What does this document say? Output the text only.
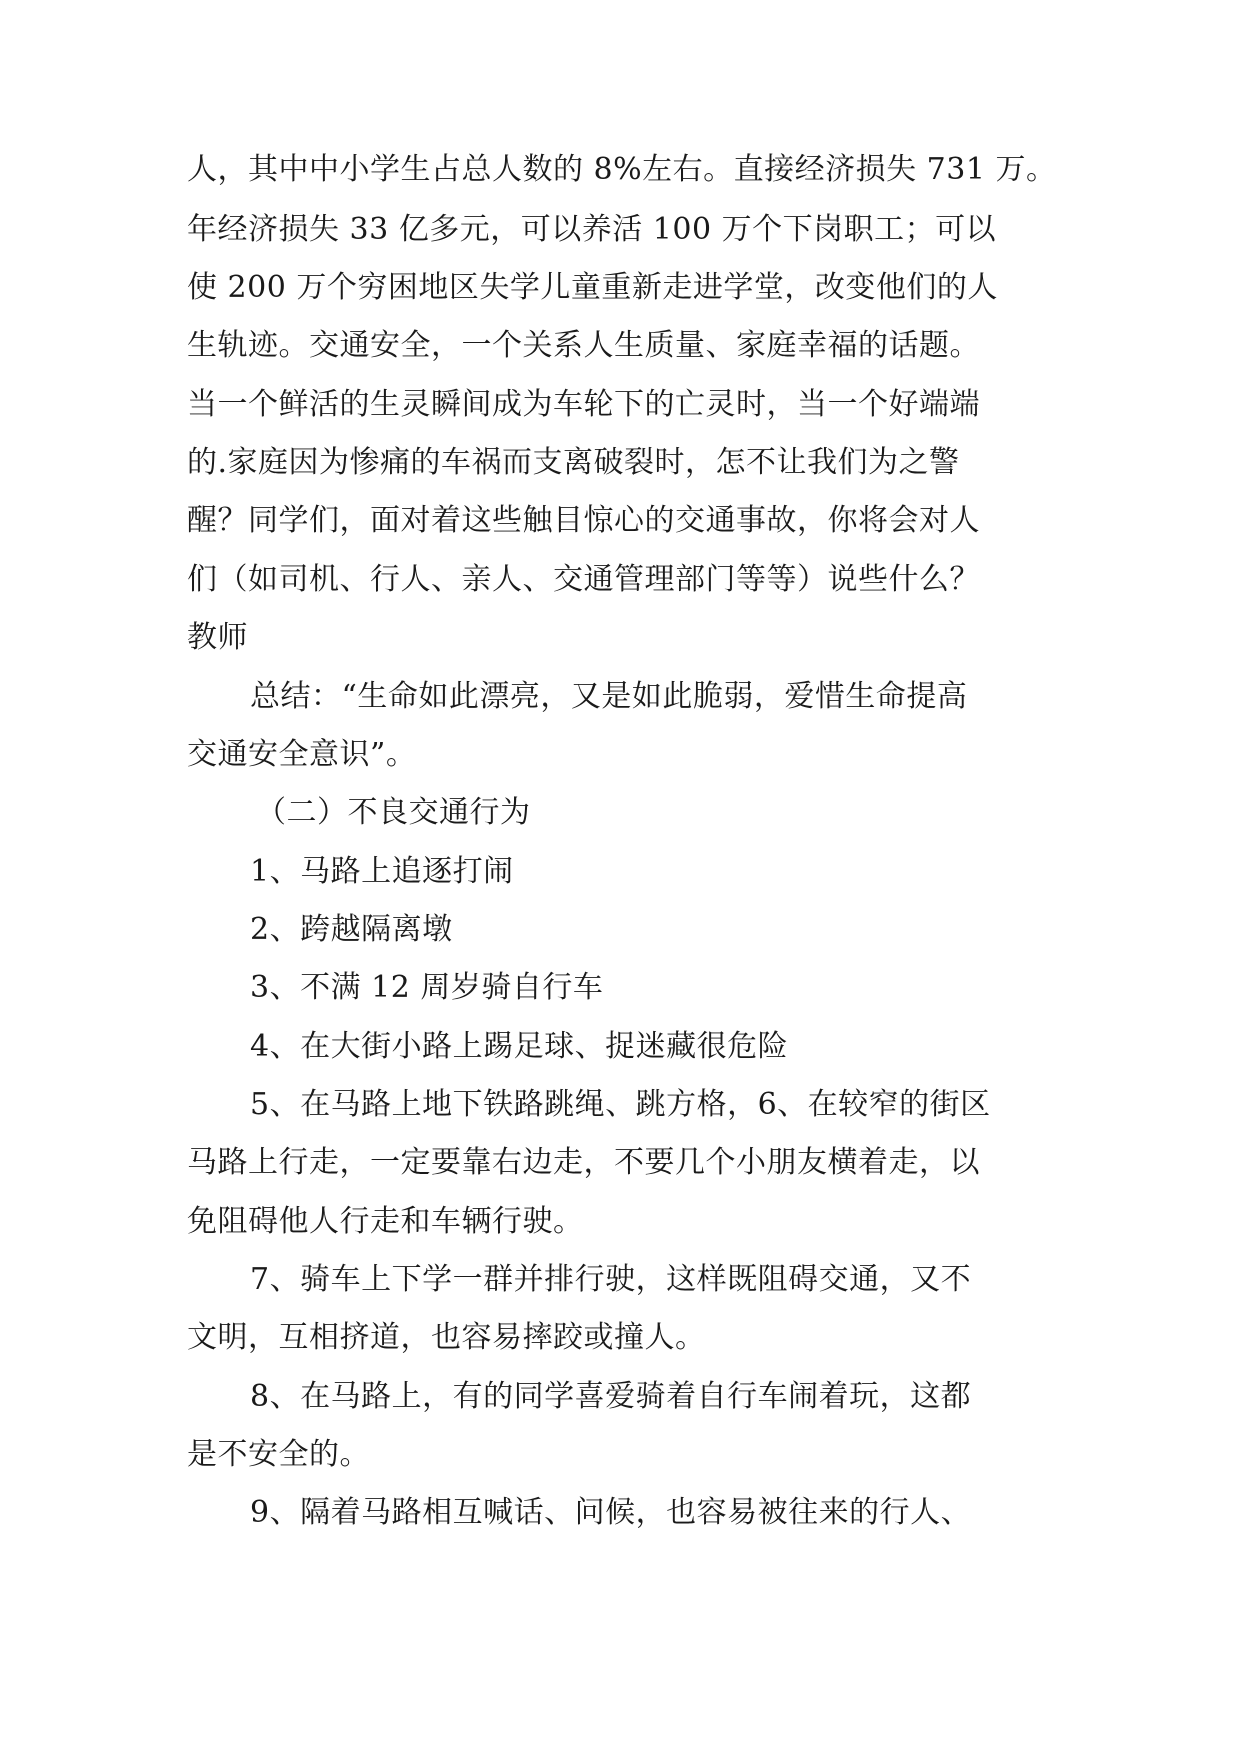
人，其中中小学生占总人数的 8%左右。直接经济损失 731 万。
年经济损失 33 亿多元，可以养活 100 万个下岗职工；可以
使 200 万个穷困地区失学儿童重新走进学堂，改变他们的人
生轨迹。交通安全，一个关系人生质量、家庭幸福的话题。
当一个鲜活的生灵瞬间成为车轮下的亡灵时，当一个好端端
的.家庭因为惨痛的车祸而支离破裂时，怎不让我们为之警
醒？同学们，面对着这些触目惊心的交通事故，你将会对人
们（如司机、行人、亲人、交通管理部门等等）说些什么？
教师
总结：“生命如此漂亮，又是如此脆弱，爱惜生命提高
交通安全意识”。
（二）不良交通行为
1、马路上追逐打闹
2、跨越隔离墩
3、不满 12 周岁骑自行车
4、在大街小路上踢足球、捉迷藏很危险
5、在马路上地下铁路跳绳、跳方格，6、在较窄的街区
马路上行走，一定要靠右边走，不要几个小朋友横着走，以
免阻碍他人行走和车辆行驶。
7、骑车上下学一群并排行驶，这样既阻碍交通，又不
文明，互相挤道，也容易摔跤或撞人。
8、在马路上，有的同学喜爱骑着自行车闹着玩，这都
是不安全的。
9、隔着马路相互喊话、问候，也容易被往来的行人、
